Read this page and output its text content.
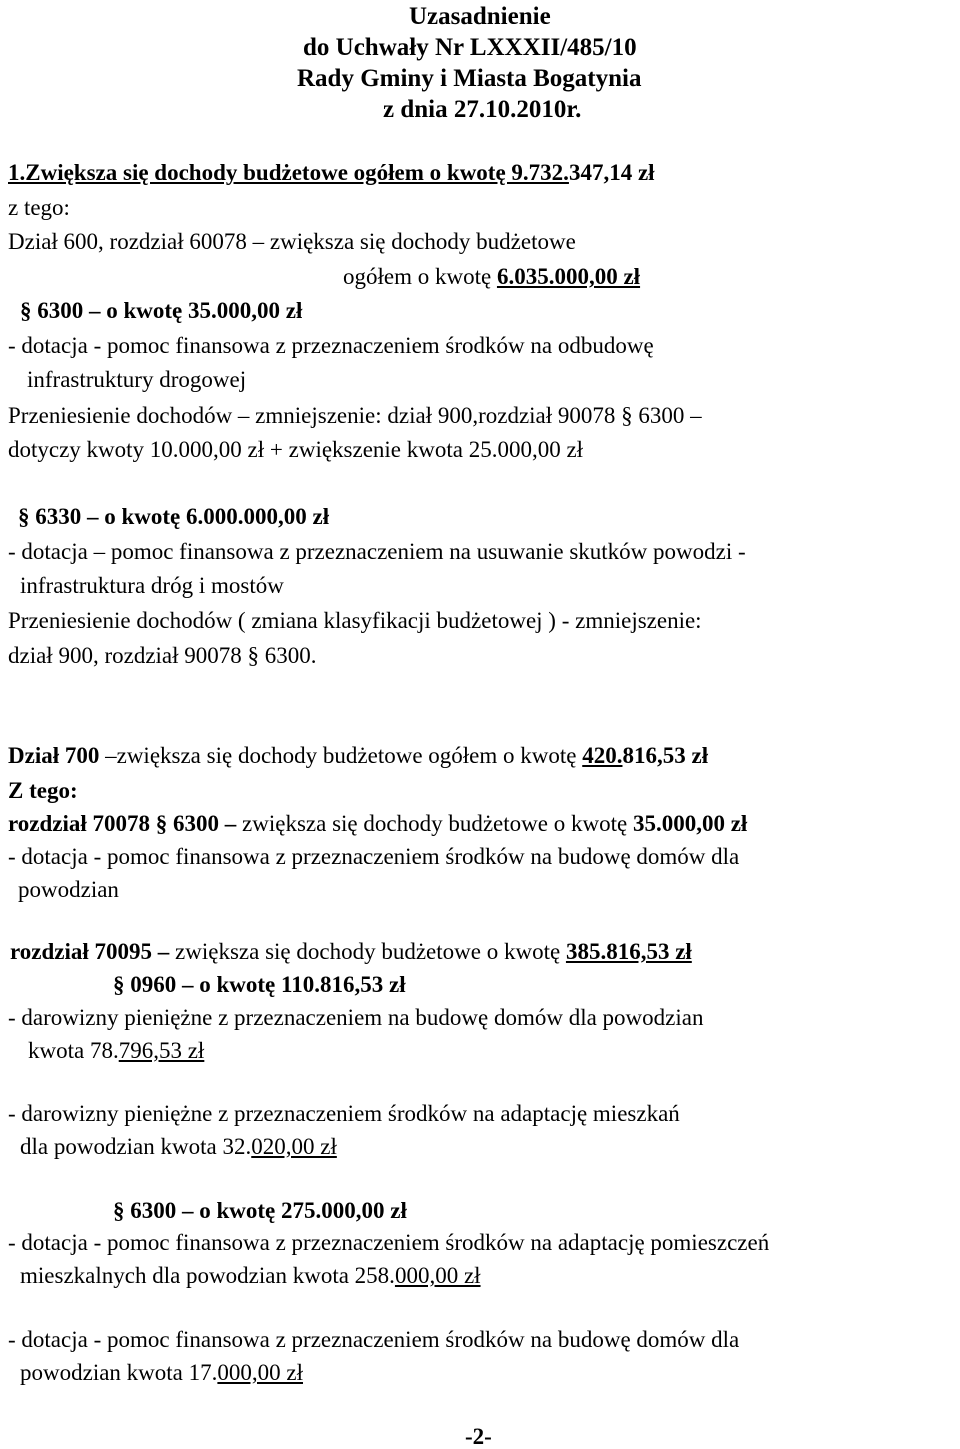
Uzasadnienie
do Uchwały Nr LXXXII/485/10
Rady Gminy i Miasta Bogatynia
z dnia 27.10.2010r.
1.Zwiększa się dochody budżetowe ogółem o kwotę 9.732.347,14 zł
z tego:
Dział 600, rozdział 60078 – zwiększa się dochody budżetowe
ogółem o kwotę 6.035.000,00 zł
§ 6300 – o kwotę 35.000,00 zł
- dotacja - pomoc finansowa z przeznaczeniem środków na odbudowę
infrastruktury drogowej
Przeniesienie dochodów – zmniejszenie: dział 900,rozdział 90078 § 6300 –
dotyczy kwoty 10.000,00 zł + zwiększenie kwota 25.000,00 zł
§ 6330 – o kwotę 6.000.000,00 zł
- dotacja – pomoc finansowa z przeznaczeniem na usuwanie skutków powodzi -
infrastruktura dróg i mostów
Przeniesienie dochodów ( zmiana klasyfikacji budżetowej ) - zmniejszenie:
dział 900, rozdział 90078 § 6300.
Dział 700 –zwiększa się dochody budżetowe ogółem o kwotę 420.816,53 zł
Z tego:
rozdział 70078 § 6300 – zwiększa się dochody budżetowe o kwotę 35.000,00 zł
- dotacja - pomoc finansowa z przeznaczeniem środków na budowę domów dla
powodzian
rozdział 70095 – zwiększa się dochody budżetowe o kwotę 385.816,53 zł
§ 0960 – o kwotę 110.816,53 zł
- darowizny pieniężne z przeznaczeniem na budowę domów dla powodzian
kwota 78.796,53 zł
- darowizny pieniężne z przeznaczeniem środków na adaptację mieszkań
dla powodzian kwota 32.020,00 zł
§ 6300 – o kwotę 275.000,00 zł
- dotacja - pomoc finansowa z przeznaczeniem środków na adaptację pomieszczeń
mieszkalnych dla powodzian kwota 258.000,00 zł
- dotacja - pomoc finansowa z przeznaczeniem środków na budowę domów dla
powodzian kwota 17.000,00 zł
-2-
